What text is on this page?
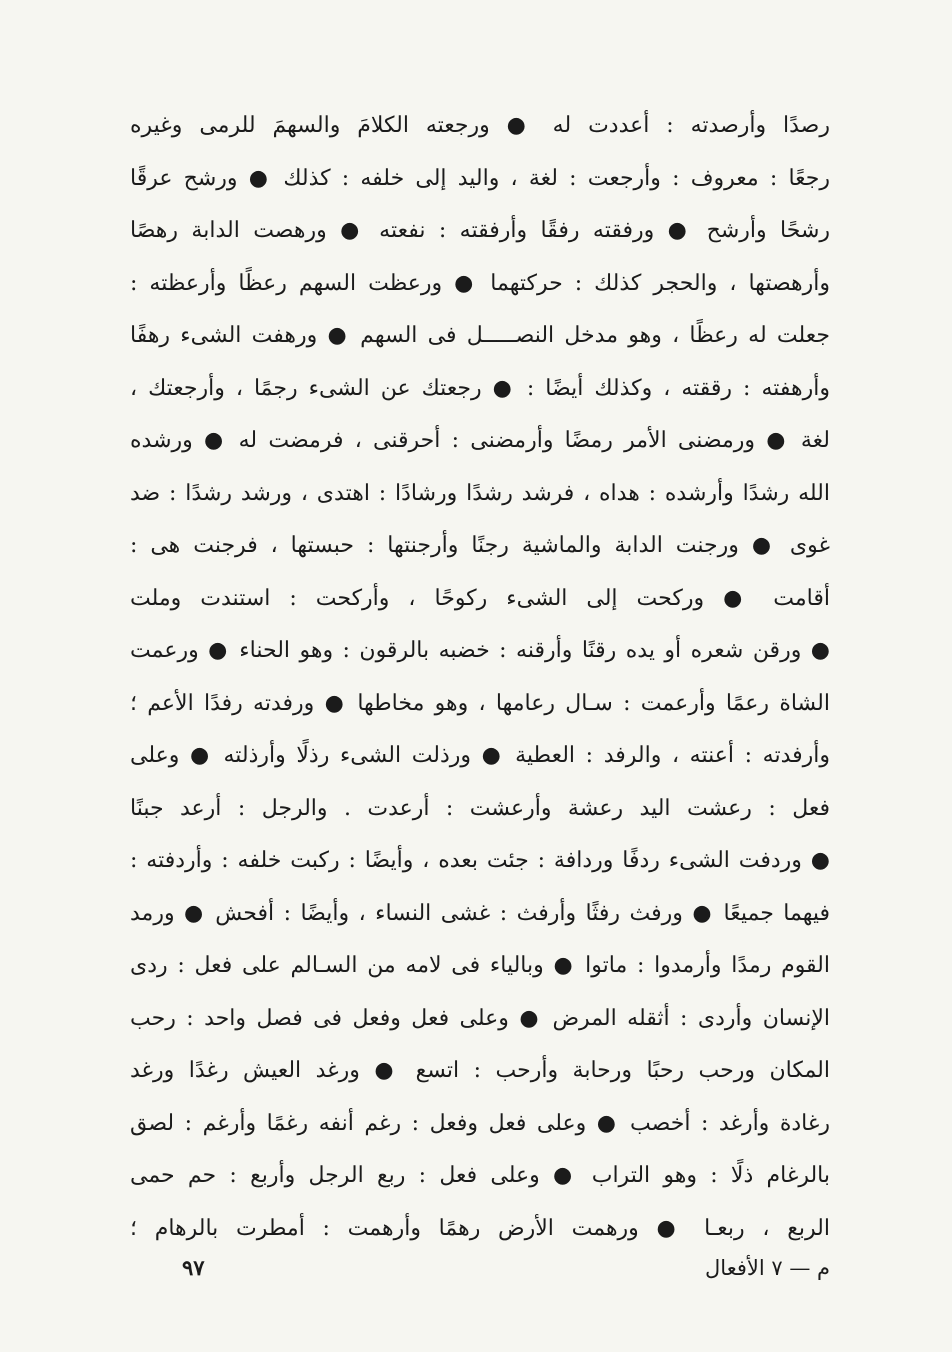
رصدًا وأرصدته : أعددت له ● ورجعته الكلامَ والسهمَ للرمى وغيره
رجعًا : معروف : وأرجعت : لغة ، واليد إلى خلفه : كذلك ● ورشح عرقًا
رشحًا وأرشح ● ورفقته رفقًا وأرفقته : نفعته ● ورهصت الدابة رهصًا
وأرهصتها ، والحجر كذلك : حركتهما ● ورعظت السهم رعظًا وأرعظته :
جعلت له رعظًا ، وهو مدخل النصـــــل فى السهم ● ورهفت الشىء رهفًا
وأرهفته : رققته ، وكذلك أيضًا : ● رجعتك عن الشىء رجمًا ، وأرجعتك ،
لغة ● ورمضنى الأمر رمضًا وأرمضنى : أحرقنى ، فرمضت له ● ورشده
الله رشدًا وأرشده : هداه ، فرشد رشدًا ورشادًا : اهتدى ، ورشد رشدًا : ضد
غوى ● ورجنت الدابة والماشية رجنًا وأرجنتها : حبستها ، فرجنت هى :
أقامت ● وركحت إلى الشىء ركوحًا ، وأركحت : استندت وملت
● ورقن شعره أو يده رقنًا وأرقنه : خضبه بالرقون : وهو الحناء ● ورعمت
الشاة رعمًا وأرعمت : سـال رعامها ، وهو مخاطها ● ورفدته رفدًا الأعم ؛
وأرفدته : أعنته ، والرفد : العطية ● ورذلت الشىء رذلًا وأرذلته ● وعلى
فعل : رعشت اليد رعشة وأرعشت : أرعدت . والرجل : أرعد جبنًا
● وردفت الشىء ردفًا وردافة : جئت بعده ، وأيضًا : ركبت خلفه : وأردفته :
فيهما جميعًا ● ورفث رفثًا وأرفث : غشى النساء ، وأيضًا : أفحش ● ورمد
القوم رمدًا وأرمدوا : ماتوا ● وبالياء فى لامه من السـالم على فعل : ردى
الإنسان وأردى : أثقله المرض ● وعلى فعل وفعل فى فصل واحد : رحب
المكان ورحب رحبًا ورحابة وأرحب : اتسع ● ورغد العيش رغدًا ورغد
رغادة وأرغد : أخصب ● وعلى فعل وفعل : رغم أنفه رغمًا وأرغم : لصق
بالرغام ذلًا : وهو التراب ● وعلى فعل : ربع الرجل وأربع : حم حمى
الربع ، ربعـا ● ورهمت الأرض رهمًا وأرهمت : أمطرت بالرهام ؛
م — ٧ الأفعال
٩٧
